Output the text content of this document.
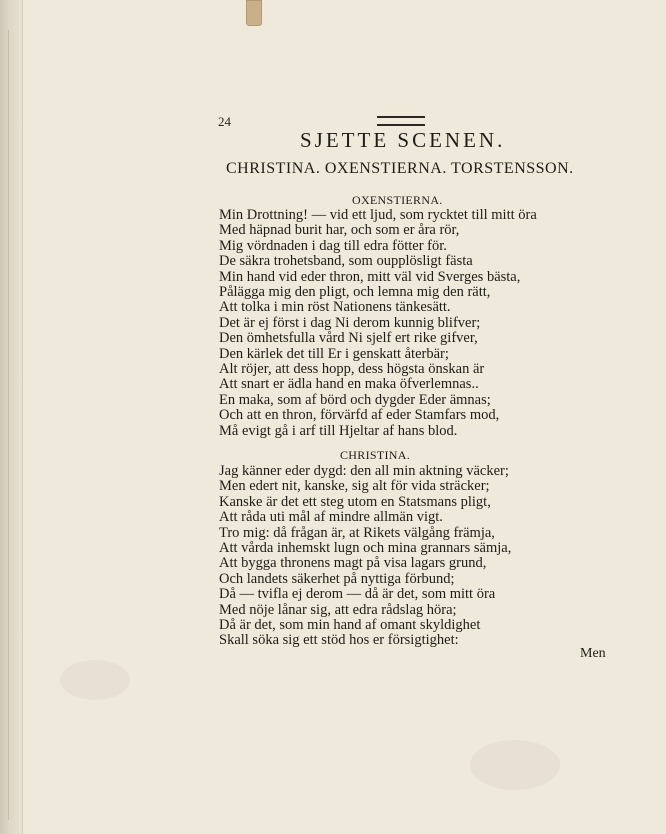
24
SJETTE SCENEN.
CHRISTINA. OXENSTIERNA. TORSTENSSON.
OXENSTIERNA.
Min Drottning! — vid ett ljud, som rycktet till mitt öra
Med häpnad burit har, och som er åra rör,
Mig vördnaden i dag till edra fötter för.
De säkra trohetsband, som oupplösligt fästa
Min hand vid eder thron, mitt väl vid Sverges bästa,
Pålägga mig den pligt, och lemna mig den rätt,
Att tolka i min röst Nationens tänkesätt.
Det är ej först i dag Ni derom kunnig blifver;
Den ömhetsfulla vård Ni sjelf ert rike gifver,
Den kärlek det till Er i genskatt återbär;
Alt röjer, att dess hopp, dess högsta önskan är
Att snart er ädla hand en maka öfverlemnas..
En maka, som af börd och dygder Eder ämnas;
Och att en thron, förvärfd af eder Stamfars mod,
Må evigt gå i arf till Hjeltar af hans blod.
CHRISTINA.
Jag känner eder dygd: den all min aktning väcker;
Men edert nit, kanske, sig alt för vida sträcker;
Kanske är det ett steg utom en Statsmans pligt,
Att råda uti mål af mindre allmän vigt.
Tro mig: då frågan är, at Rikets välgång främja,
Att vårda inhemskt lugn och mina grannars sämja,
Att bygga thronens magt på visa lagars grund,
Och landets säkerhet på nyttiga förbund;
Då — tvifla ej derom — då är det, som mitt öra
Med nöje lånar sig, att edra rådslag höra;
Då är det, som min hand af omant skyldighet
Skall söka sig ett stöd hos er försigtighet:
Men
